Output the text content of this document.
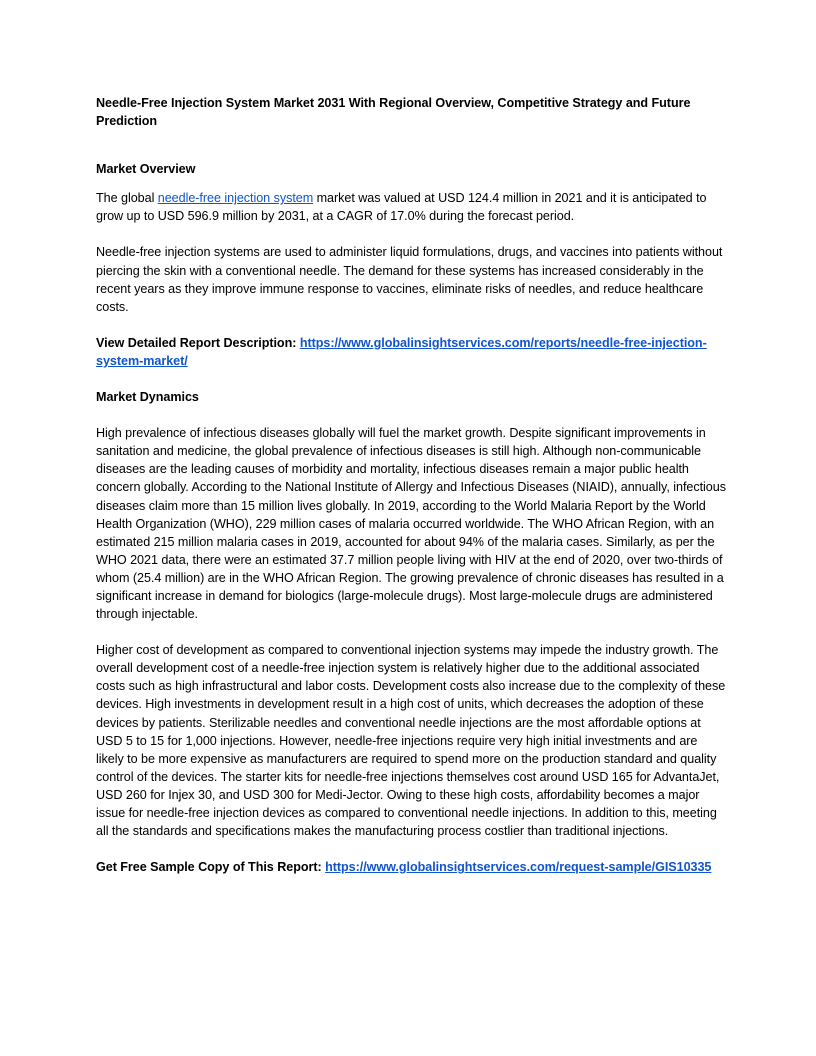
Needle-Free Injection System Market 2031 With Regional Overview, Competitive Strategy and Future Prediction
Market Overview
The global needle-free injection system market was valued at USD 124.4 million in 2021 and it is anticipated to grow up to USD 596.9 million by 2031, at a CAGR of 17.0% during the forecast period.
Needle-free injection systems are used to administer liquid formulations, drugs, and vaccines into patients without piercing the skin with a conventional needle. The demand for these systems has increased considerably in the recent years as they improve immune response to vaccines, eliminate risks of needles, and reduce healthcare costs.
View Detailed Report Description: https://www.globalinsightservices.com/reports/needle-free-injection-system-market/
Market Dynamics
High prevalence of infectious diseases globally will fuel the market growth. Despite significant improvements in sanitation and medicine, the global prevalence of infectious diseases is still high. Although non-communicable diseases are the leading causes of morbidity and mortality, infectious diseases remain a major public health concern globally. According to the National Institute of Allergy and Infectious Diseases (NIAID), annually, infectious diseases claim more than 15 million lives globally. In 2019, according to the World Malaria Report by the World Health Organization (WHO), 229 million cases of malaria occurred worldwide. The WHO African Region, with an estimated 215 million malaria cases in 2019, accounted for about 94% of the malaria cases. Similarly, as per the WHO 2021 data, there were an estimated 37.7 million people living with HIV at the end of 2020, over two-thirds of whom (25.4 million) are in the WHO African Region. The growing prevalence of chronic diseases has resulted in a significant increase in demand for biologics (large-molecule drugs). Most large-molecule drugs are administered through injectable.
Higher cost of development as compared to conventional injection systems may impede the industry growth. The overall development cost of a needle-free injection system is relatively higher due to the additional associated costs such as high infrastructural and labor costs. Development costs also increase due to the complexity of these devices. High investments in development result in a high cost of units, which decreases the adoption of these devices by patients. Sterilizable needles and conventional needle injections are the most affordable options at USD 5 to 15 for 1,000 injections. However, needle-free injections require very high initial investments and are likely to be more expensive as manufacturers are required to spend more on the production standard and quality control of the devices. The starter kits for needle-free injections themselves cost around USD 165 for AdvantaJet, USD 260 for Injex 30, and USD 300 for Medi-Jector. Owing to these high costs, affordability becomes a major issue for needle-free injection devices as compared to conventional needle injections. In addition to this, meeting all the standards and specifications makes the manufacturing process costlier than traditional injections.
Get Free Sample Copy of This Report: https://www.globalinsightservices.com/request-sample/GIS10335
